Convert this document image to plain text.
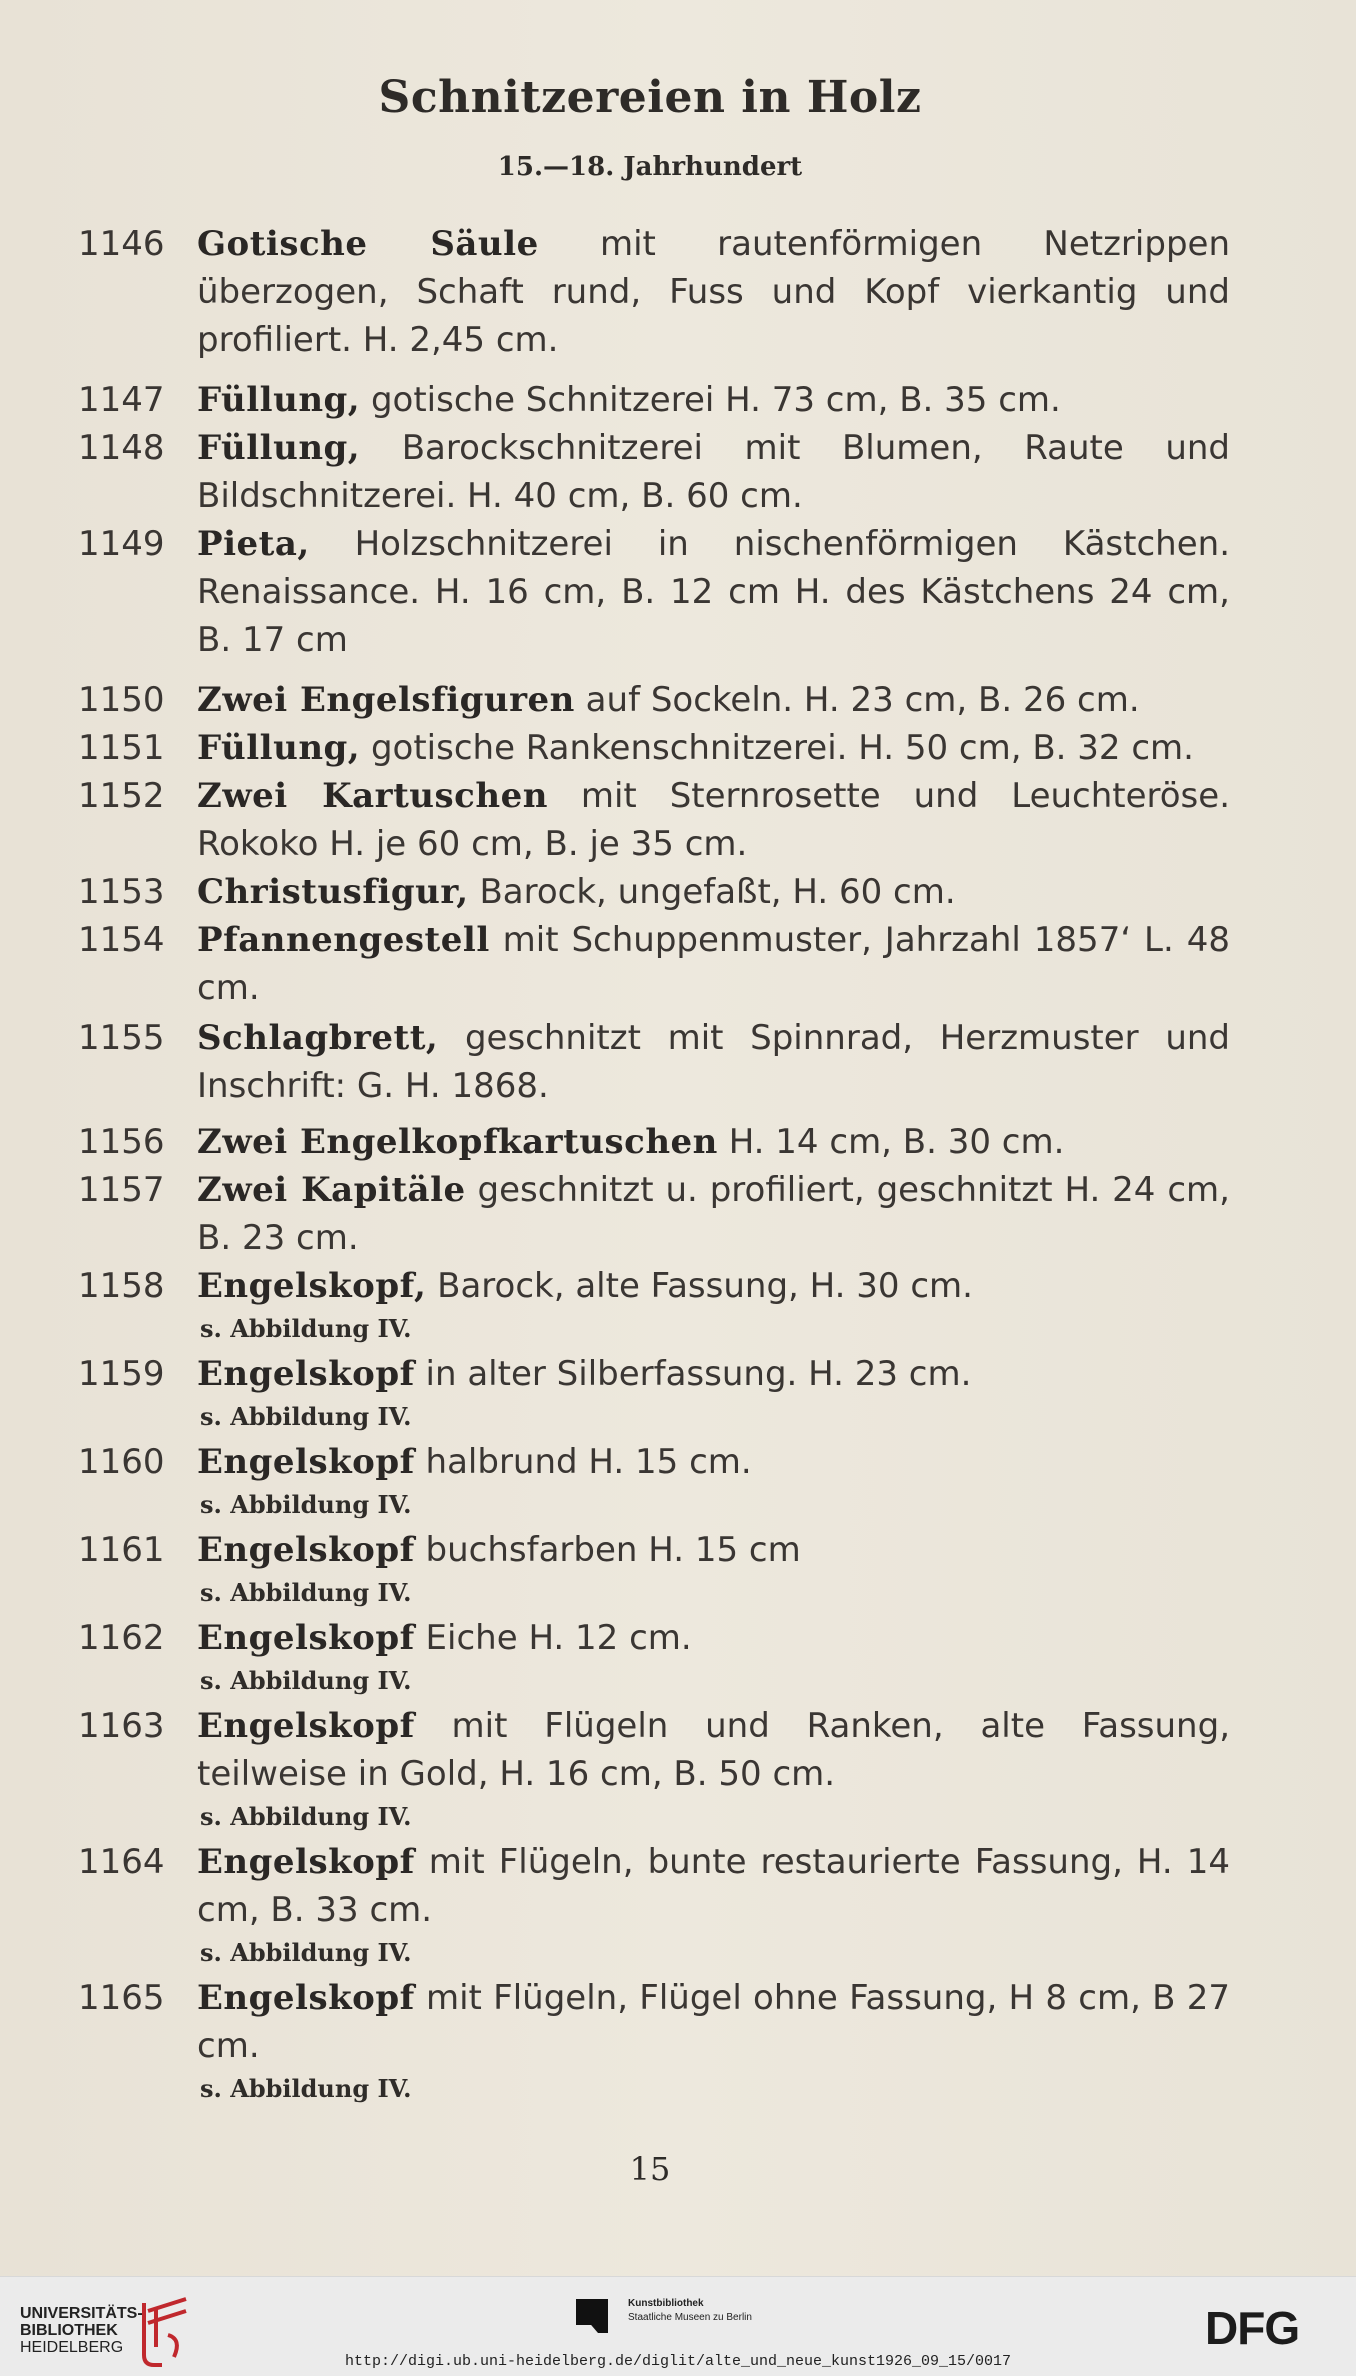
Schnitzereien in Holz
15.—18. Jahrhundert
1146 Gotische Säule mit rautenförmigen Netzrippen überzogen, Schaft rund, Fuss und Kopf vierkantig und profiliert. H. 2,45 cm.
1147 Füllung, gotische Schnitzerei H. 73 cm, B. 35 cm.
1148 Füllung, Barockschnitzerei mit Blumen, Raute und Bildschnitzerei. H. 40 cm, B. 60 cm.
1149 Pieta, Holzschnitzerei in nischenförmigen Kästchen. Renaissance. H. 16 cm, B. 12 cm H. des Kästchens 24 cm, B. 17 cm
1150 Zwei Engelsfiguren auf Sockeln. H. 23 cm, B. 26 cm.
1151 Füllung, gotische Rankenschnitzerei. H. 50 cm, B. 32 cm.
1152 Zwei Kartuschen mit Sternrosette und Leuchteröse. Rokoko H. je 60 cm, B. je 35 cm.
1153 Christusfigur, Barock, ungefaßt, H. 60 cm.
1154 Pfannengestell mit Schuppenmuster, Jahrzahl 1857‘ L. 48 cm.
1155 Schlagbrett, geschnitzt mit Spinnrad, Herzmuster und Inschrift: G. H. 1868.
1156 Zwei Engelkopfkartuschen H. 14 cm, B. 30 cm.
1157 Zwei Kapitäle geschnitzt u. profiliert, geschnitzt H. 24 cm, B. 23 cm.
1158 Engelskopf, Barock, alte Fassung, H. 30 cm.
s. Abbildung IV.
1159 Engelskopf in alter Silberfassung. H. 23 cm.
s. Abbildung IV.
1160 Engelskopf halbrund H. 15 cm.
s. Abbildung IV.
1161 Engelskopf buchsfarben H. 15 cm
s. Abbildung IV.
1162 Engelskopf Eiche H. 12 cm.
s. Abbildung IV.
1163 Engelskopf mit Flügeln und Ranken, alte Fassung, teilweise in Gold, H. 16 cm, B. 50 cm.
s. Abbildung IV.
1164 Engelskopf mit Flügeln, bunte restaurierte Fassung, H. 14 cm, B. 33 cm.
s. Abbildung IV.
1165 Engelskopf mit Flügeln, Flügel ohne Fassung, H 8 cm, B 27 cm.
s. Abbildung IV.
15
UNIVERSITÄTS-
BIBLIOTHEK
HEIDELBERG
Kunstbibliothek
Staatliche Museen zu Berlin	DFG
http://digi.ub.uni-heidelberg.de/diglit/alte_und_neue_kunst1926_09_15/0017
